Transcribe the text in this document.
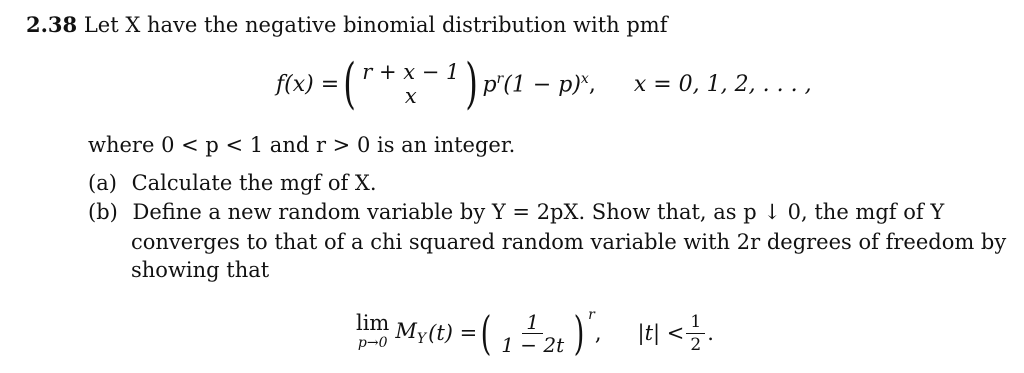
2.38 Let X have the negative binomial distribution with pmf
f(x) = ( r + x − 1
x ) $p^r$ $(1 - p)^x$ , x = 0, 1, 2, . . . ,
where 0 < p < 1 and r > 0 is an integer.
(a) Calculate the mgf of X.
(b) Define a new random variable by Y = 2pX. Show that, as p ↓ 0, the mgf of Y
converges to that of a chi squared random variable with 2r degrees of freedom by
showing that
lim
p→0
$M_Y$ (t) = ( $\frac{1}{1 - 2t}$ ) $^r$
, $|t| < \frac{1}{2}$ .
